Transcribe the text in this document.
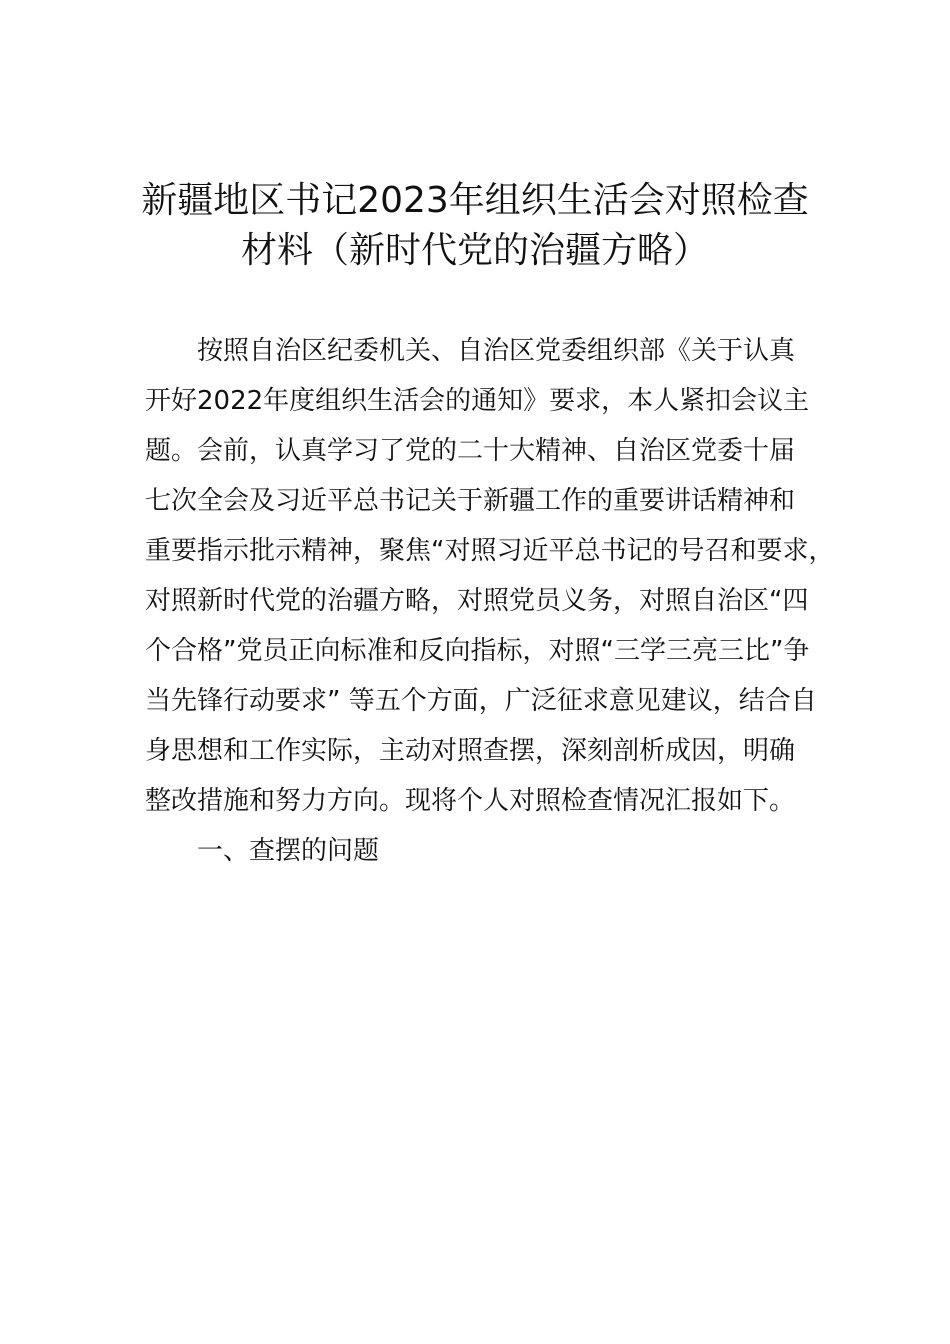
新疆地区书记2023年组织生活会对照检查
材料（新时代党的治疆方略）
按照自治区纪委机关、自治区党委组织部《关于认真
开好2022年度组织生活会的通知》要求，本人紧扣会议主
题。会前，认真学习了党的二十大精神、自治区党委十届
七次全会及习近平总书记关于新疆工作的重要讲话精神和
重要指示批示精神，聚焦“对照习近平总书记的号召和要求，
对照新时代党的治疆方略，对照党员义务，对照自治区“四
个合格”党员正向标准和反向指标，对照“三学三亮三比”争
当先锋行动要求” 等五个方面，广泛征求意见建议，结合自
身思想和工作实际，主动对照查摆，深刻剖析成因，明确
整改措施和努力方向。现将个人对照检查情况汇报如下。
一、查摆的问题
